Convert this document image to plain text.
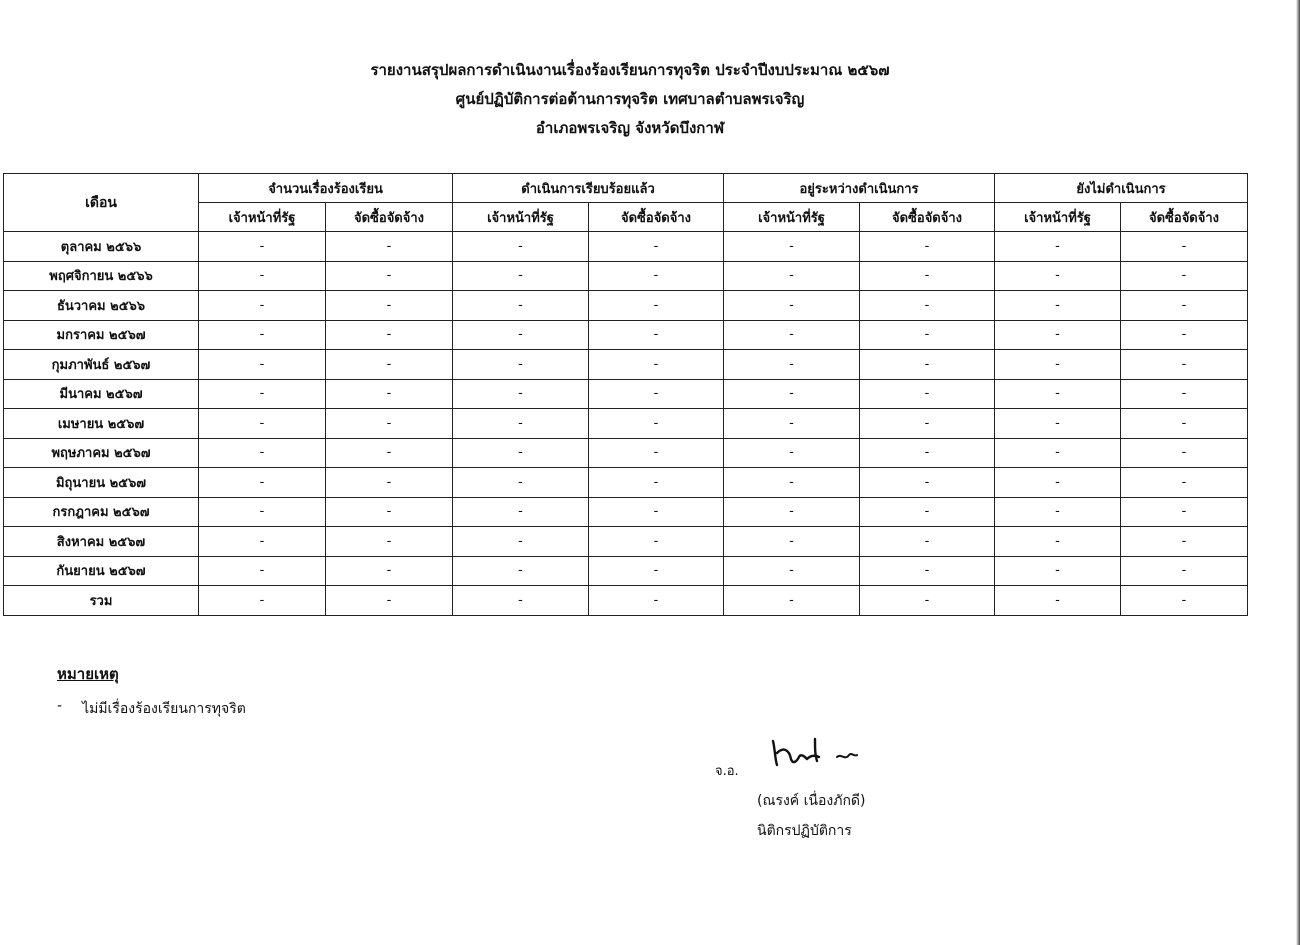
รายงานสรุปผลการดำเนินงานเรื่องร้องเรียนการทุจริต ประจำปีงบประมาณ ๒๕๖๗
ศูนย์ปฏิบัติการต่อต้านการทุจริต เทศบาลตำบลพรเจริญ
อำเภอพรเจริญ จังหวัดบึงกาฬ
เดือน	จำนวนเรื่องร้องเรียน		ดำเนินการเรียบร้อยแล้ว		อยู่ระหว่างดำเนินการ		ยังไม่ดำเนินการ	
	เจ้าหน้าที่รัฐ	จัดซื้อจัดจ้าง	เจ้าหน้าที่รัฐ	จัดซื้อจัดจ้าง	เจ้าหน้าที่รัฐ	จัดซื้อจัดจ้าง	เจ้าหน้าที่รัฐ	จัดซื้อจัดจ้าง
ตุลาคม ๒๕๖๖	-	-	-	-	-	-	-	-
พฤศจิกายน ๒๕๖๖	-	-	-	-	-	-	-	-
ธันวาคม ๒๕๖๖	-	-	-	-	-	-	-	-
มกราคม ๒๕๖๗	-	-	-	-	-	-	-	-
กุมภาพันธ์ ๒๕๖๗	-	-	-	-	-	-	-	-
มีนาคม ๒๕๖๗	-	-	-	-	-	-	-	-
เมษายน ๒๕๖๗	-	-	-	-	-	-	-	-
พฤษภาคม ๒๕๖๗	-	-	-	-	-	-	-	-
มิถุนายน ๒๕๖๗	-	-	-	-	-	-	-	-
กรกฎาคม ๒๕๖๗	-	-	-	-	-	-	-	-
สิงหาคม ๒๕๖๗	-	-	-	-	-	-	-	-
กันยายน ๒๕๖๗	-	-	-	-	-	-	-	-
รวม	-	-	-	-	-	-	-	-
หมายเหตุ
- ไม่มีเรื่องร้องเรียนการทุจริต
จ.อ.
(ณรงค์ เนื่องภักดี)
นิติกรปฏิบัติการ
